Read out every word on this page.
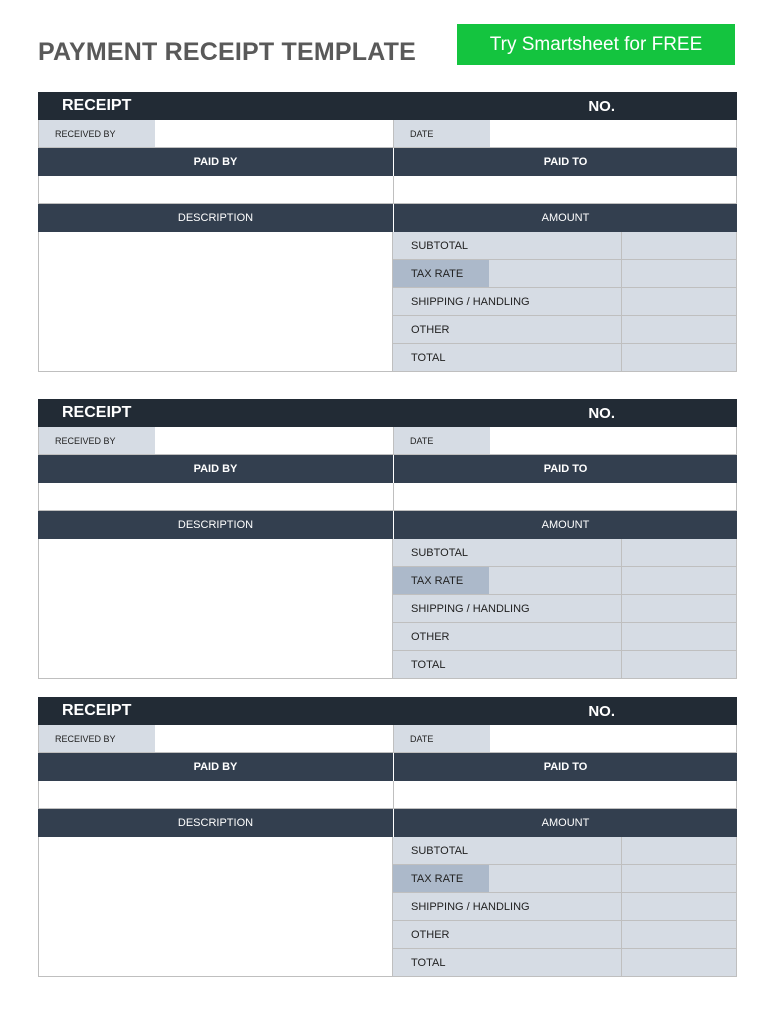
PAYMENT RECEIPT TEMPLATE	Try Smartsheet for FREE
RECEIPT	NO.
RECEIVED BY	DATE
PAID BY	PAID TO
DESCRIPTION	AMOUNT
SUBTOTAL
TAX RATE
SHIPPING / HANDLING
OTHER
TOTAL
RECEIPT	NO.
RECEIVED BY	DATE
PAID BY	PAID TO
DESCRIPTION	AMOUNT
SUBTOTAL
TAX RATE
SHIPPING / HANDLING
OTHER
TOTAL
RECEIPT	NO.
RECEIVED BY	DATE
PAID BY	PAID TO
DESCRIPTION	AMOUNT
SUBTOTAL
TAX RATE
SHIPPING / HANDLING
OTHER
TOTAL
